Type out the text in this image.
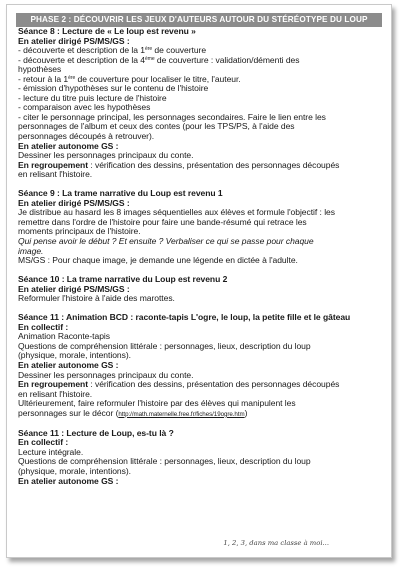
PHASE 2 : DÉCOUVRIR LES JEUX D'AUTEURS AUTOUR DU STÉRÉOTYPE DU LOUP

Séance 8 : Lecture de « Le loup est revenu »

En atelier dirigé PS/MS/GS :

- découverte et description de la 1ère de couverture

- découverte et description de la 4ème de couverture : validation/démenti des

hypothèses

- retour à la 1ère de couverture pour localiser le titre, l'auteur.

- émission d'hypothèses sur le contenu de l'histoire

- lecture du titre puis lecture de l'histoire

- comparaison avec les hypothèses

- citer le personnage principal, les personnages secondaires. Faire le lien entre les

personnages de l'album et ceux des contes (pour les TPS/PS, à l'aide des

personnages découpés à retrouver).

En atelier autonome GS :

Dessiner les personnages principaux du conte.

En regroupement : vérification des dessins, présentation des personnages découpés

en relisant l'histoire.

Séance 9 : La trame narrative du Loup est revenu 1

En atelier dirigé PS/MS/GS :

Je distribue au hasard les 8 images séquentielles aux élèves et formule l'objectif : les

remettre dans l'ordre de l'histoire pour faire une bande-résumé qui retrace les

moments principaux de l'histoire.

Qui pense avoir le début ? Et ensuite ? Verbaliser ce qui se passe pour chaque

image.

MS/GS : Pour chaque image, je demande une légende en dictée à l'adulte.

Séance 10 : La trame narrative du Loup est revenu 2

En atelier dirigé PS/MS/GS :

Reformuler l'histoire à l'aide des marottes.

Séance 11 : Animation BCD : raconte-tapis L'ogre, le loup, la petite fille et le gâteau

En collectif :

Animation Raconte-tapis

Questions de compréhension littérale : personnages, lieux, description du loup

(physique, morale, intentions).

En atelier autonome GS :

Dessiner les personnages principaux du conte.

En regroupement : vérification des dessins, présentation des personnages découpés

en relisant l'histoire.

Ultérieurement, faire reformuler l'histoire par des élèves qui manipulent les

personnages sur le décor (http://math.maternelle.free.fr/fiches/19ogre.htm)

Séance 11 : Lecture de Loup, es-tu là ?

En collectif :

Lecture intégrale.

Questions de compréhension littérale : personnages, lieux, description du loup

(physique, morale, intentions).

En atelier autonome GS :

1, 2, 3, dans ma classe à moi...
